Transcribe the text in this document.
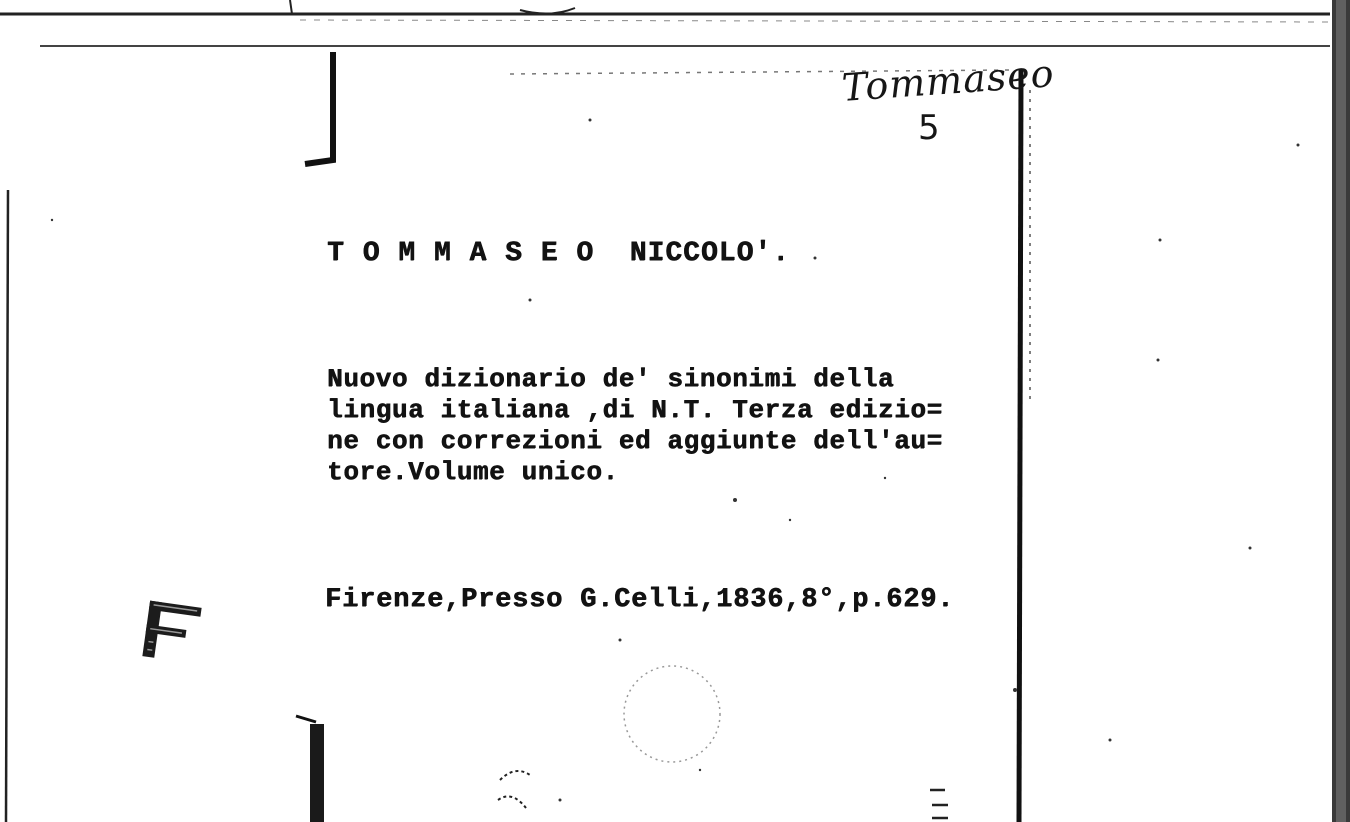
Tommaseo
5
T O M M A S E O  NICCOLO'.
Nuovo dizionario de' sinonimi della
lingua italiana ,di N.T. Terza edizio=
ne con correzioni ed aggiunte dell'au=
tore.Volume unico.
Firenze,Presso G.Celli,1836,8°,p.629.
